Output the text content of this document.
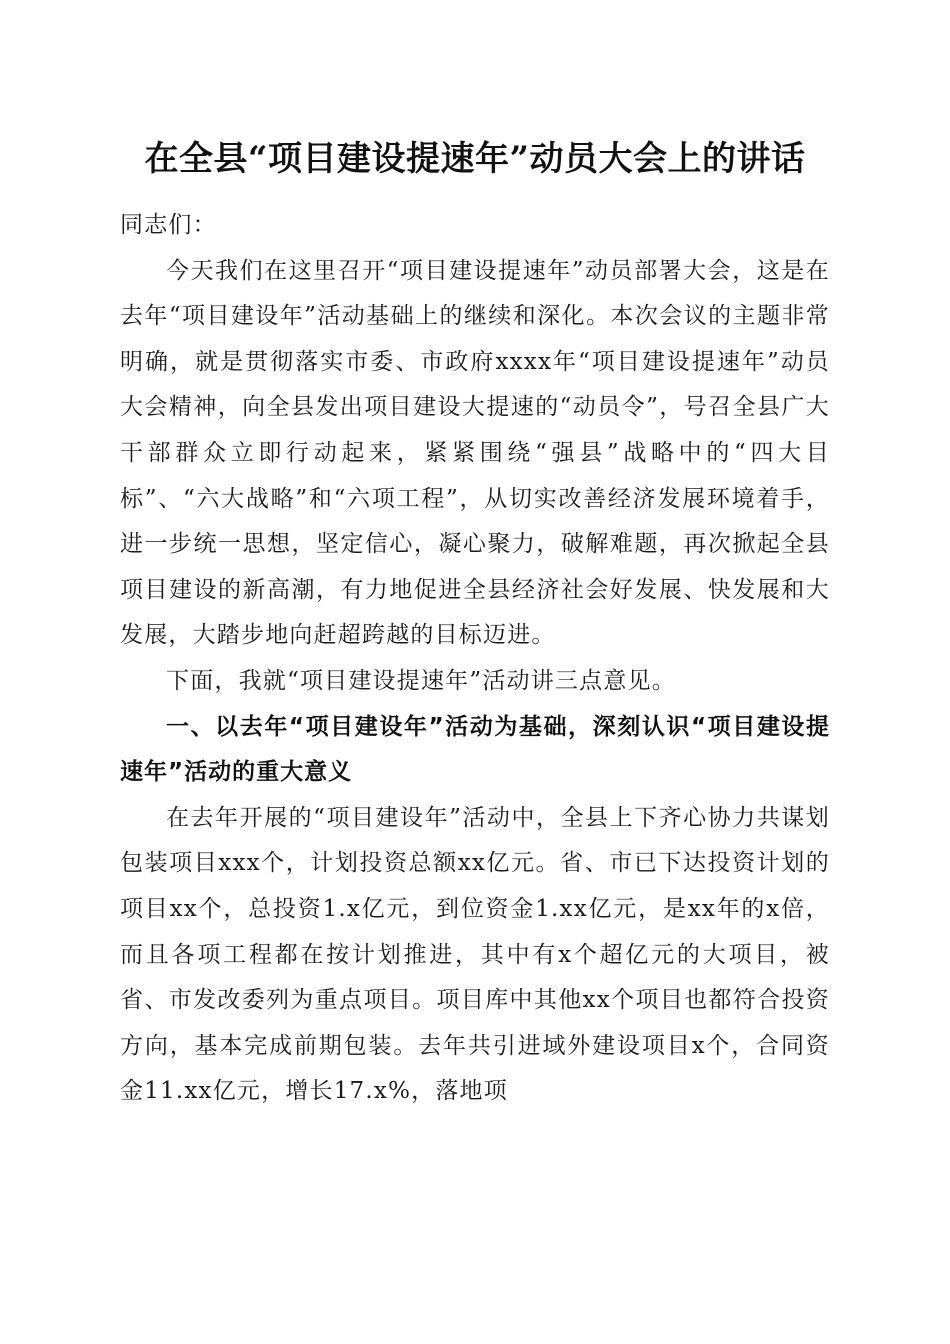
在全县“项目建设提速年”动员大会上的讲话

同志们：

今天我们在这里召开“项目建设提速年”动员部署大会，这是在去年“项目建设年”活动基础上的继续和深化。本次会议的主题非常明确，就是贯彻落实市委、市政府xxxx年“项目建设提速年”动员大会精神，向全县发出项目建设大提速的“动员令”，号召全县广大干部群众立即行动起来，紧紧围绕“强县”战略中的“四大目标”、“六大战略”和“六项工程”，从切实改善经济发展环境着手，进一步统一思想，坚定信心，凝心聚力，破解难题，再次掀起全县项目建设的新高潮，有力地促进全县经济社会好发展、快发展和大发展，大踏步地向赶超跨越的目标迈进。

下面，我就“项目建设提速年”活动讲三点意见。

一、以去年“项目建设年”活动为基础，深刻认识“项目建设提速年”活动的重大意义

在去年开展的“项目建设年”活动中，全县上下齐心协力共谋划包装项目xxx个，计划投资总额xx亿元。省、市已下达投资计划的项目xx个，总投资1.x亿元，到位资金1.xx亿元，是xx年的x倍，而且各项工程都在按计划推进，其中有x个超亿元的大项目，被省、市发改委列为重点项目。项目库中其他xx个项目也都符合投资方向，基本完成前期包装。去年共引进域外建设项目x个，合同资金11.xx亿元，增长17.x%，落地项
